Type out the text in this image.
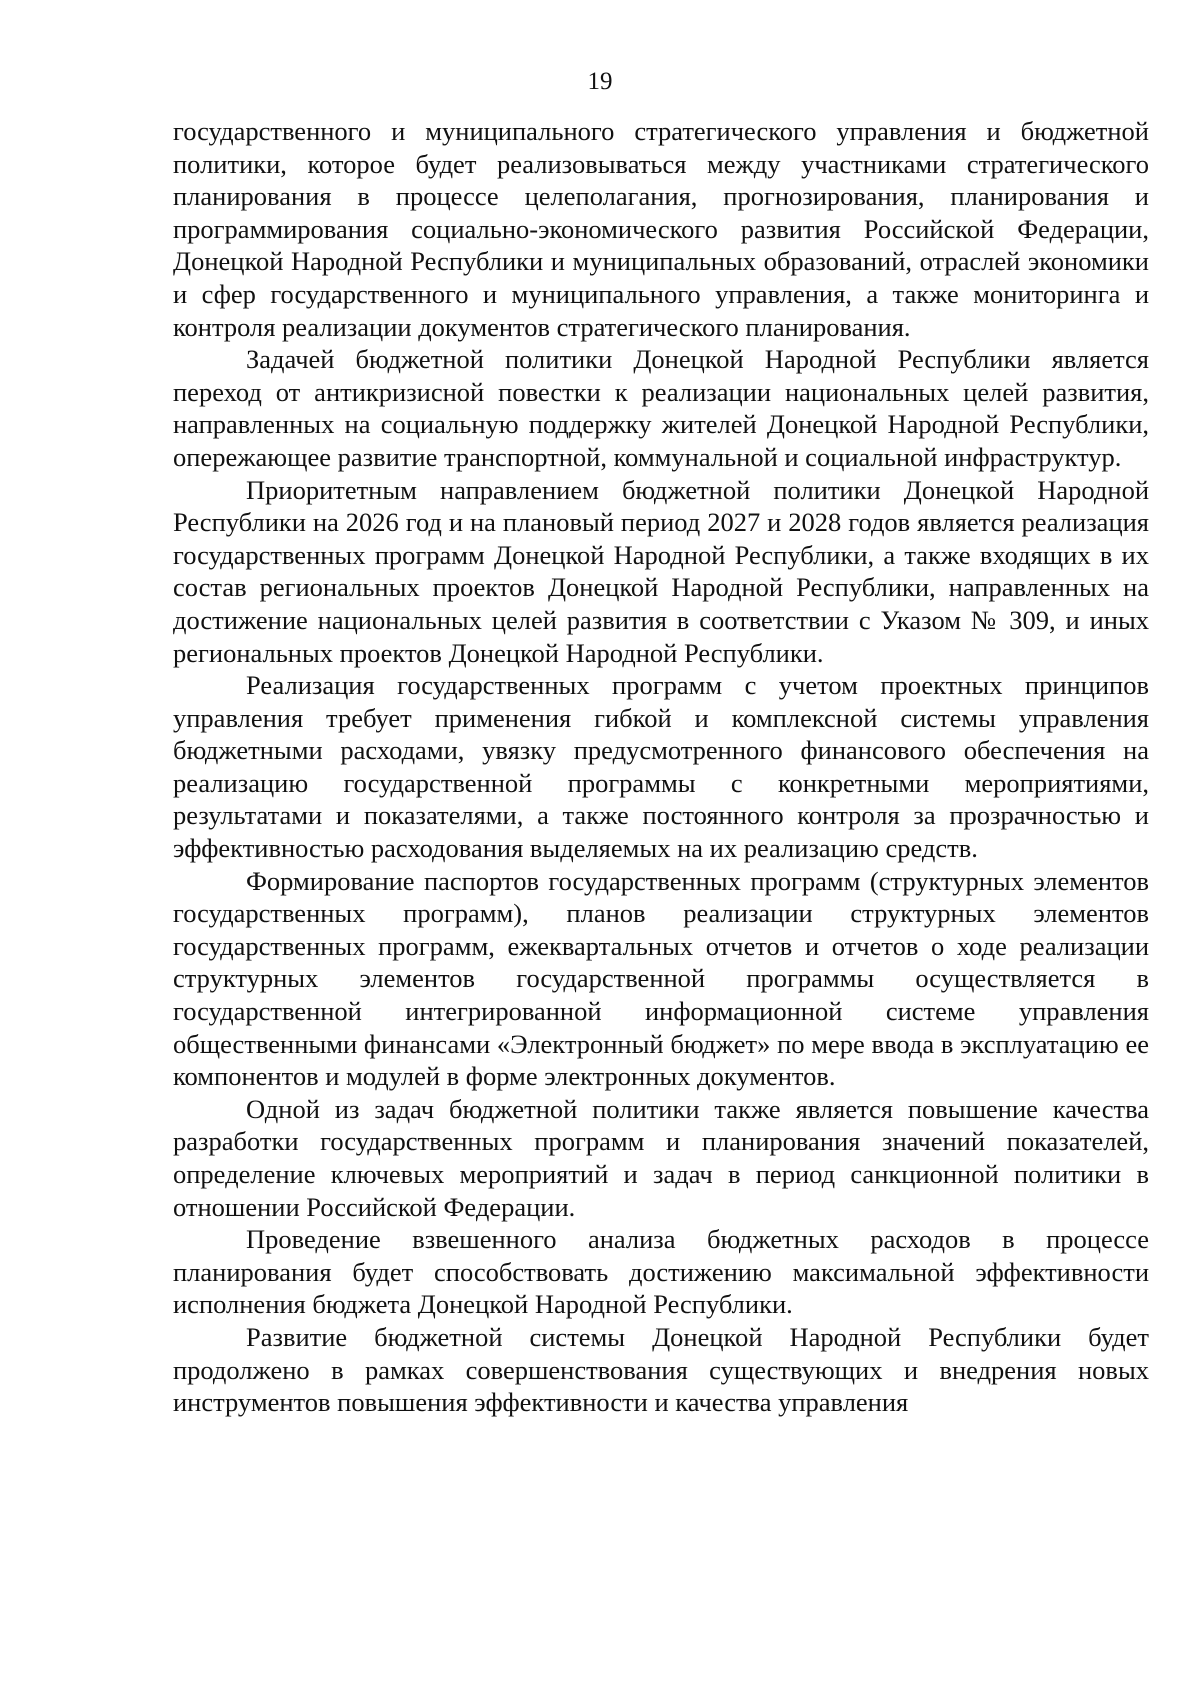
19

государственного и муниципального стратегического управления и бюджетной политики, которое будет реализовываться между участниками стратегического планирования в процессе целеполагания, прогнозирования, планирования и программирования социально-экономического развития Российской Федерации, Донецкой Народной Республики и муниципальных образований, отраслей экономики и сфер государственного и муниципального управления, а также мониторинга и контроля реализации документов стратегического планирования.

Задачей бюджетной политики Донецкой Народной Республики является переход от антикризисной повестки к реализации национальных целей развития, направленных на социальную поддержку жителей Донецкой Народной Республики, опережающее развитие транспортной, коммунальной и социальной инфраструктур.

Приоритетным направлением бюджетной политики Донецкой Народной Республики на 2026 год и на плановый период 2027 и 2028 годов является реализация государственных программ Донецкой Народной Республики, а также входящих в их состав региональных проектов Донецкой Народной Республики, направленных на достижение национальных целей развития в соответствии с Указом № 309, и иных региональных проектов Донецкой Народной Республики.

Реализация государственных программ с учетом проектных принципов управления требует применения гибкой и комплексной системы управления бюджетными расходами, увязку предусмотренного финансового обеспечения на реализацию государственной программы с конкретными мероприятиями, результатами и показателями, а также постоянного контроля за прозрачностью и эффективностью расходования выделяемых на их реализацию средств.

Формирование паспортов государственных программ (структурных элементов государственных программ), планов реализации структурных элементов государственных программ, ежеквартальных отчетов и отчетов о ходе реализации структурных элементов государственной программы осуществляется в государственной интегрированной информационной системе управления общественными финансами «Электронный бюджет» по мере ввода в эксплуатацию ее компонентов и модулей в форме электронных документов.

Одной из задач бюджетной политики также является повышение качества разработки государственных программ и планирования значений показателей, определение ключевых мероприятий и задач в период санкционной политики в отношении Российской Федерации.

Проведение взвешенного анализа бюджетных расходов в процессе планирования будет способствовать достижению максимальной эффективности исполнения бюджета Донецкой Народной Республики.

Развитие бюджетной системы Донецкой Народной Республики будет продолжено в рамках совершенствования существующих и внедрения новых инструментов повышения эффективности и качества управления
